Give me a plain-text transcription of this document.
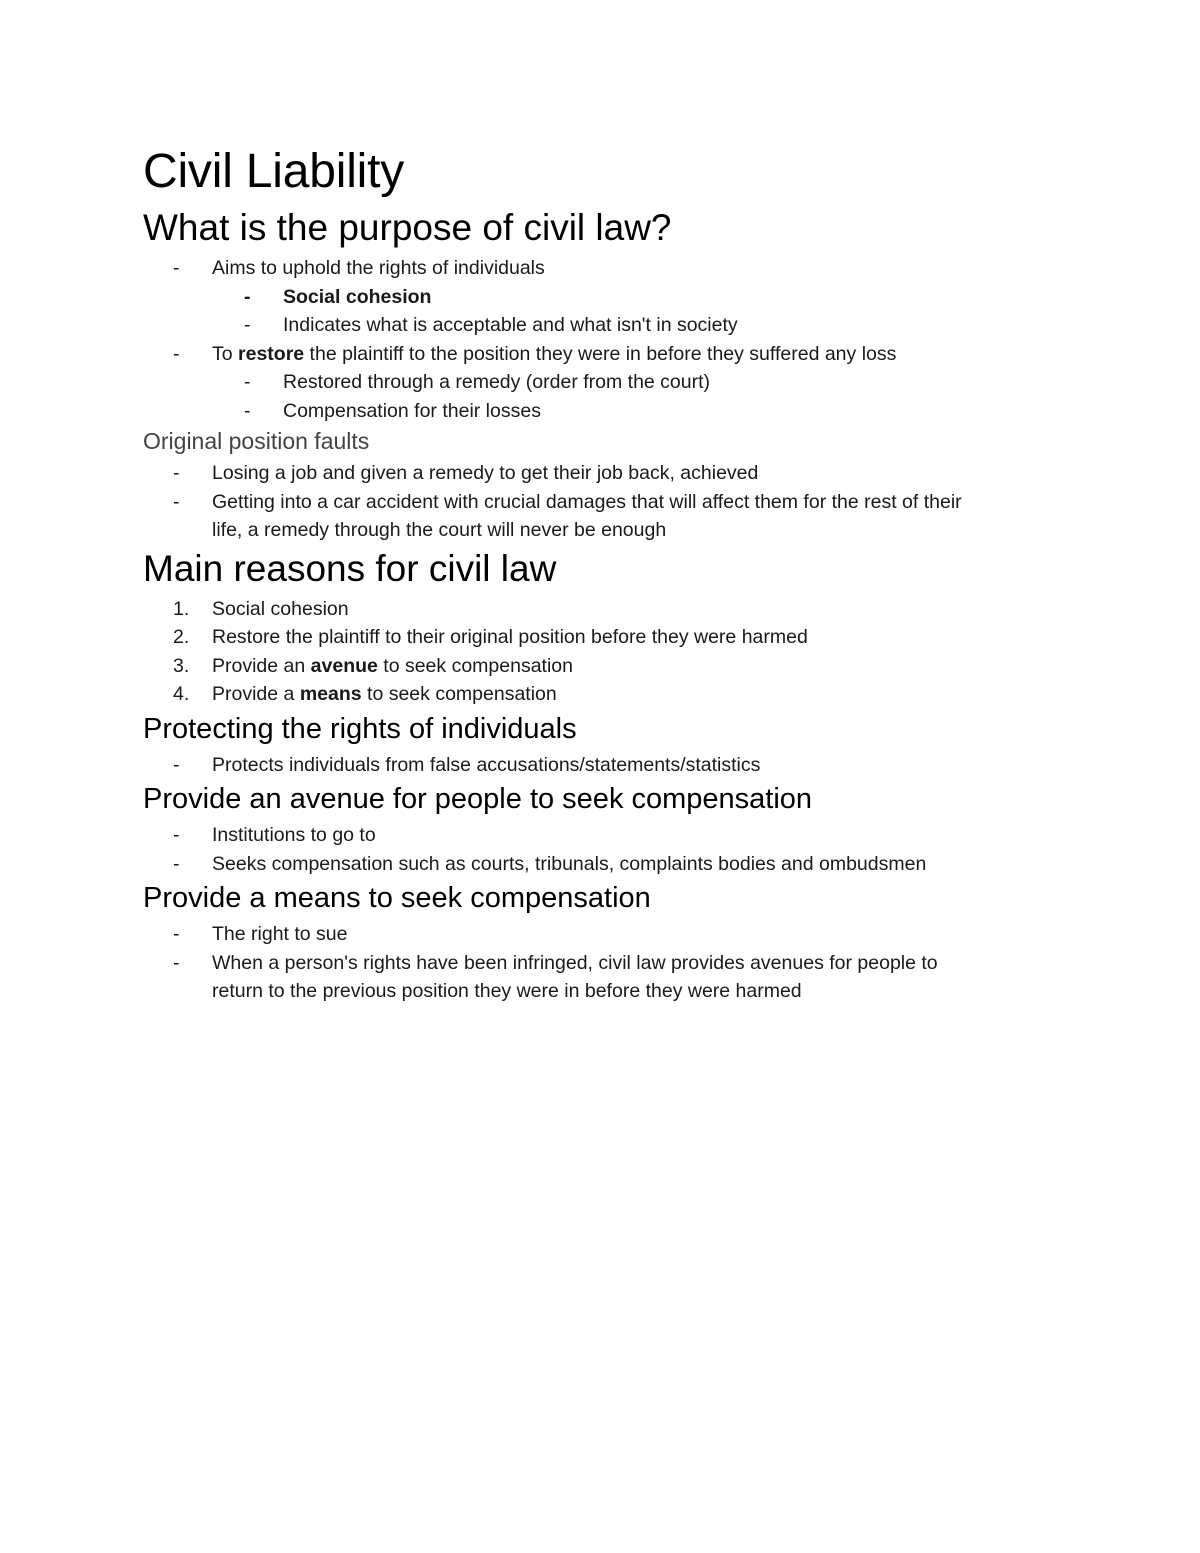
Civil Liability
What is the purpose of civil law?
-	Aims to uphold the rights of individuals
-	Social cohesion
-	Indicates what is acceptable and what isn't in society
-	To restore the plaintiff to the position they were in before they suffered any loss
-	Restored through a remedy (order from the court)
-	Compensation for their losses
Original position faults
-	Losing a job and given a remedy to get their job back, achieved
-	Getting into a car accident with crucial damages that will affect them for the rest of their
life, a remedy through the court will never be enough
Main reasons for civil law
1.	Social cohesion
2.	Restore the plaintiff to their original position before they were harmed
3.	Provide an avenue to seek compensation
4.	Provide a means to seek compensation
Protecting the rights of individuals
-	Protects individuals from false accusations/statements/statistics
Provide an avenue for people to seek compensation
-	Institutions to go to
-	Seeks compensation such as courts, tribunals, complaints bodies and ombudsmen
Provide a means to seek compensation
-	The right to sue
-	When a person's rights have been infringed, civil law provides avenues for people to
return to the previous position they were in before they were harmed
